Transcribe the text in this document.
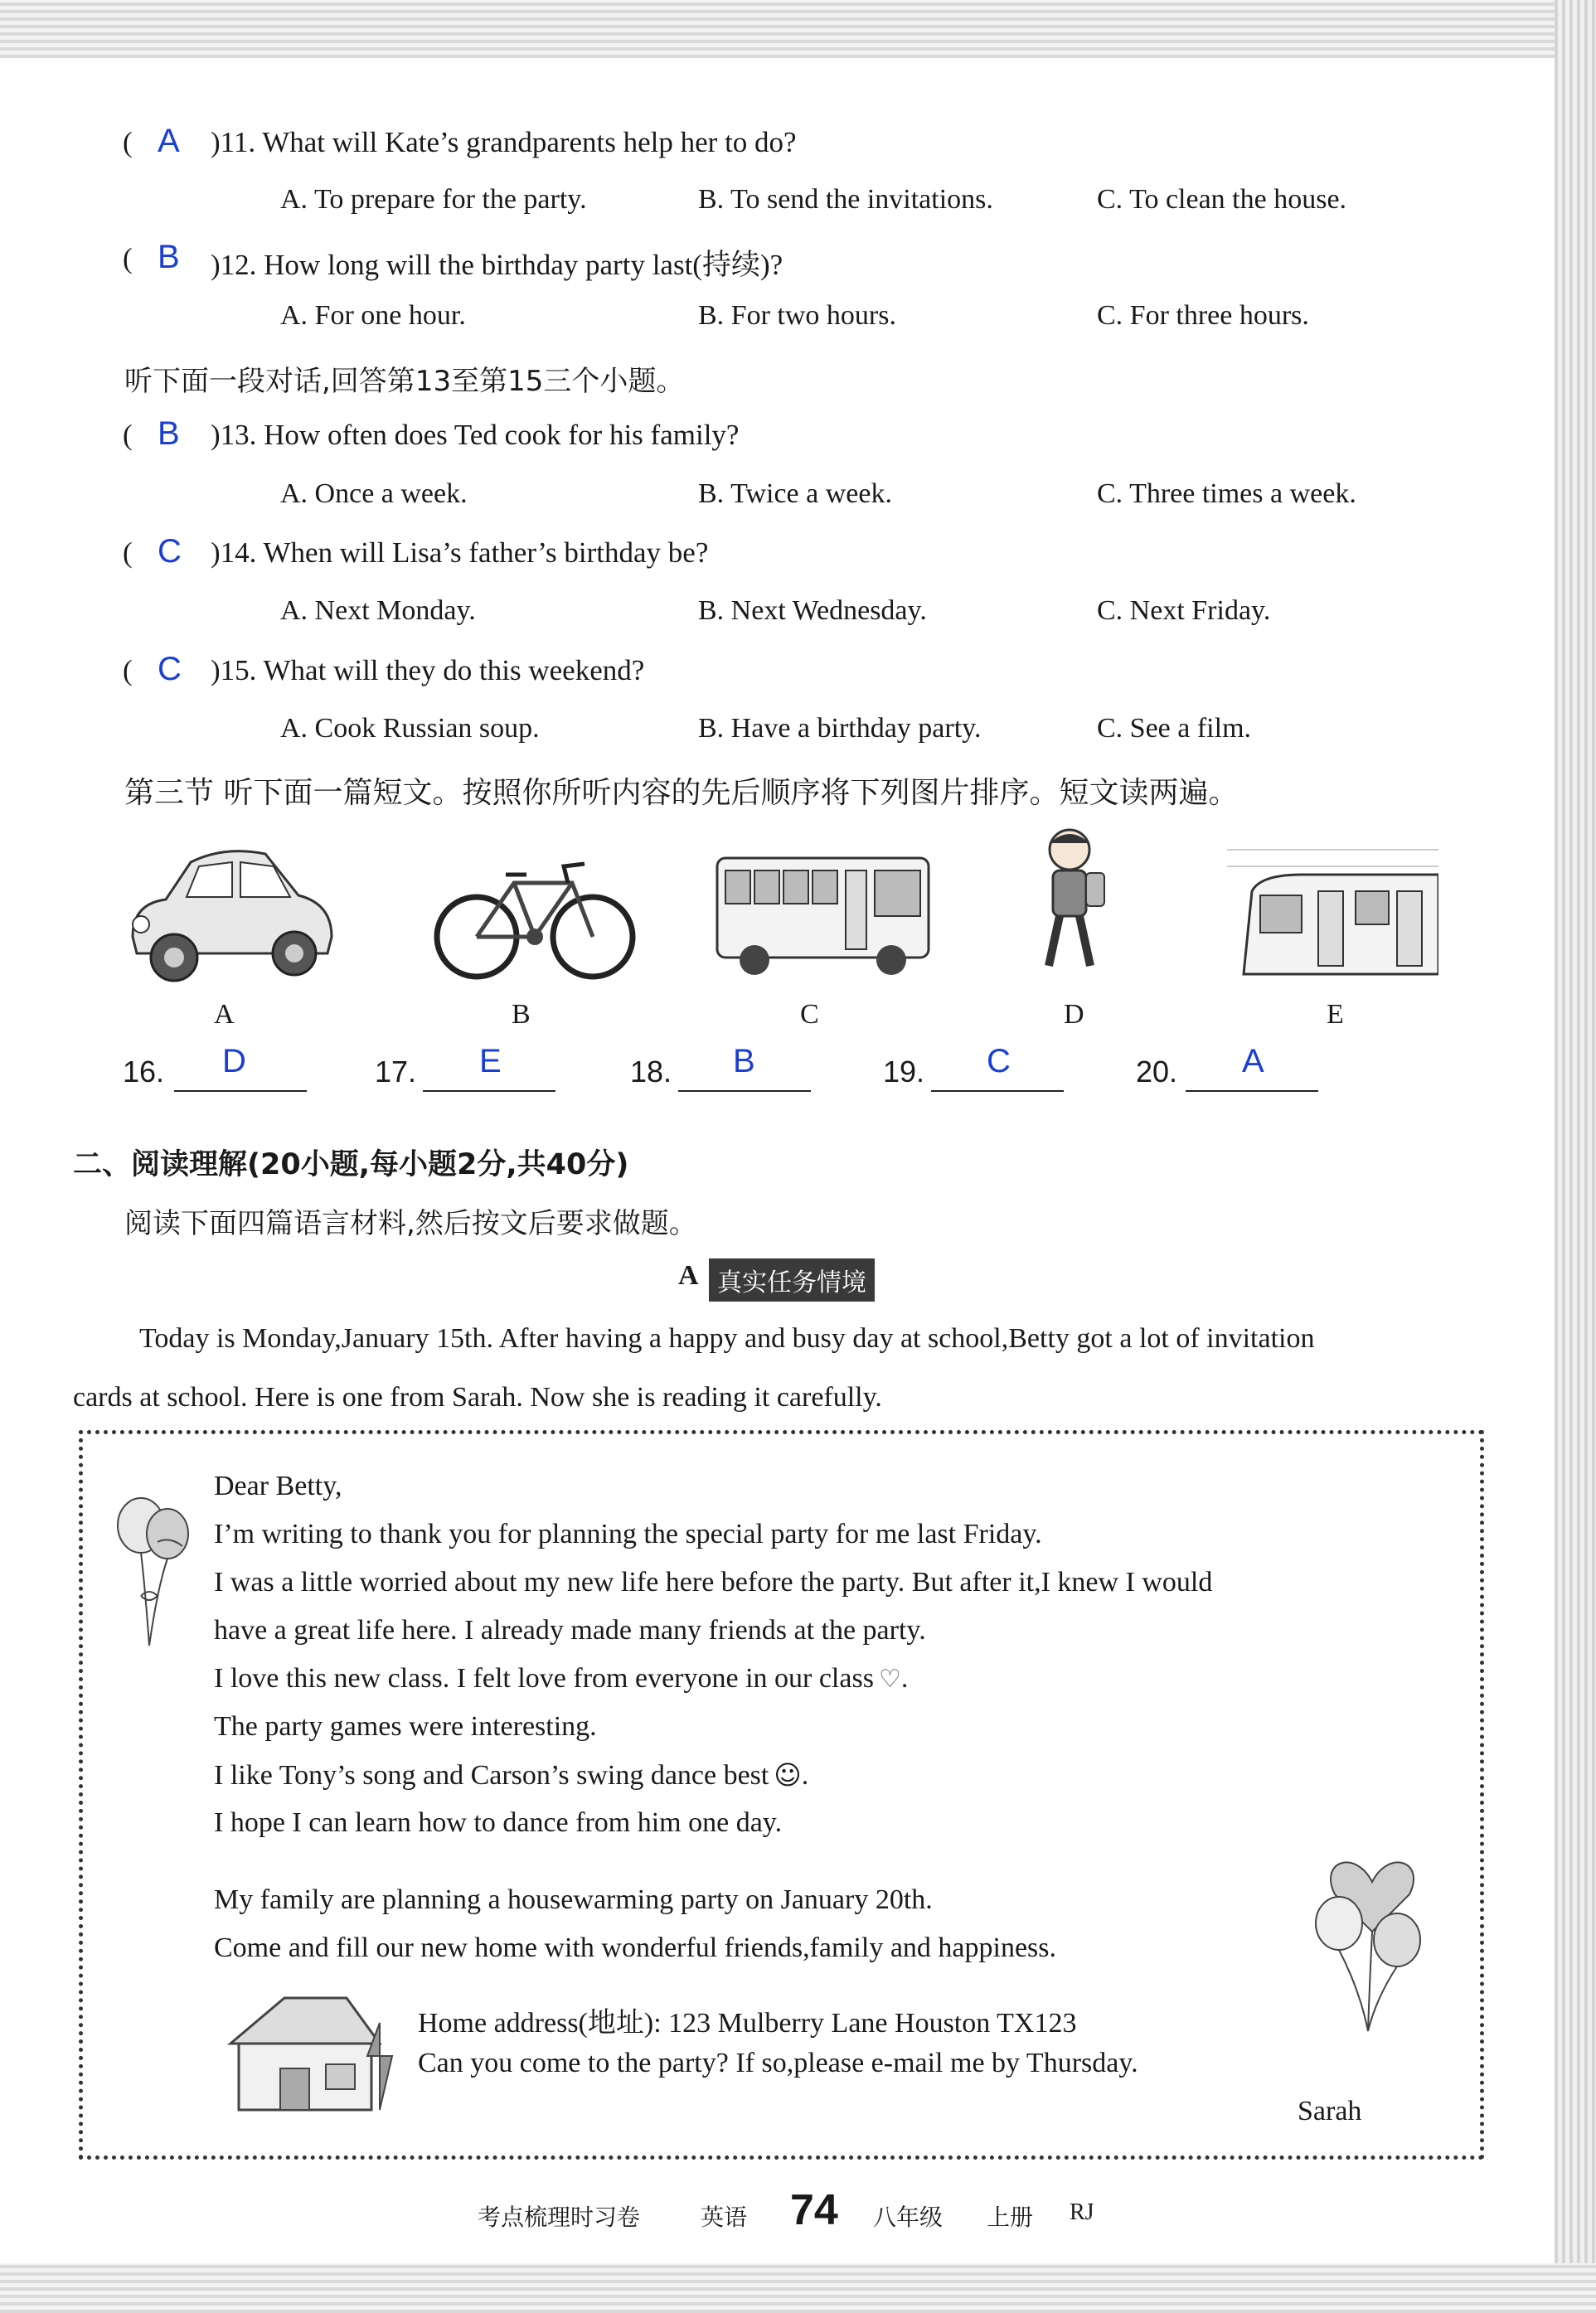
( A )11. What will Kate’s grandparents help her to do?
A. To prepare for the party.	B. To send the invitations.	C. To clean the house.
( B )12. How long will the birthday party last(持续)?
A. For one hour.	B. For two hours.	C. For three hours.
听下面一段对话,回答第13至第15三个小题。
( B )13. How often does Ted cook for his family?
A. Once a week.	B. Twice a week.	C. Three times a week.
( C )14. When will Lisa’s father’s birthday be?
A. Next Monday.	B. Next Wednesday.	C. Next Friday.
( C )15. What will they do this weekend?
A. Cook Russian soup.	B. Have a birthday party.	C. See a film.
第三节 听下面一篇短文。按照你所听内容的先后顺序将下列图片排序。短文读两遍。
A	B	C	D	E
16. D	17. E	18. B	19. C	20. A
二、阅读理解(20小题,每小题2分,共40分)
阅读下面四篇语言材料,然后按文后要求做题。
A 真实任务情境
Today is Monday,January 15th. After having a happy and busy day at school,Betty got a lot of invitation
cards at school. Here is one from Sarah. Now she is reading it carefully.
Dear Betty,
I’m writing to thank you for planning the special party for me last Friday.
I was a little worried about my new life here before the party. But after it,I knew I would
have a great life here. I already made many friends at the party.
I love this new class. I felt love from everyone in our class ♡.
The party games were interesting.
I like Tony’s song and Carson’s swing dance best ☺.
I hope I can learn how to dance from him one day.
My family are planning a housewarming party on January 20th.
Come and fill our new home with wonderful friends,family and happiness.
Home address(地址): 123 Mulberry Lane Houston TX123
Can you come to the party? If so,please e-mail me by Thursday.
Sarah
考点梳理时习卷	英语 74 八年级 上册 RJ
